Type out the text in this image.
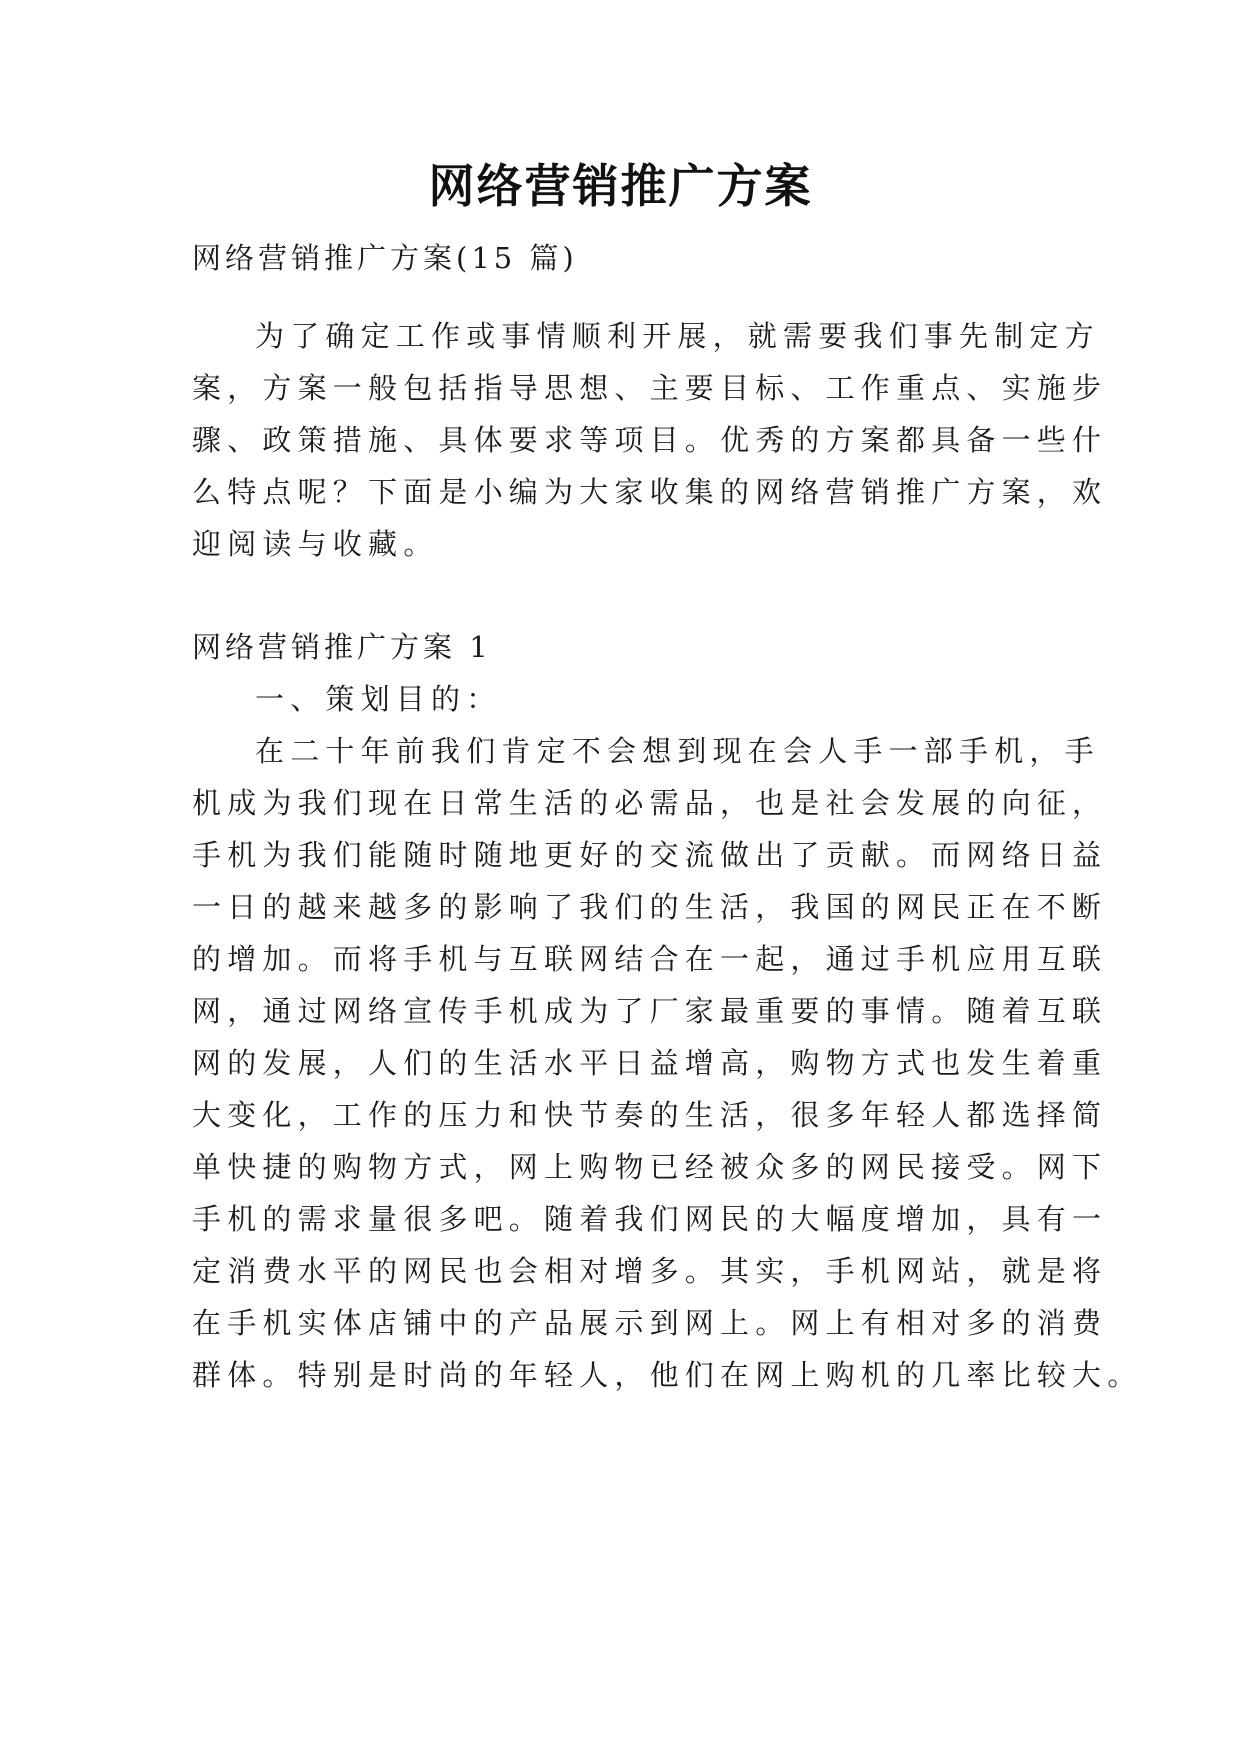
网络营销推广方案
网络营销推广方案(15 篇)
为了确定工作或事情顺利开展，就需要我们事先制定方
案，方案一般包括指导思想、主要目标、工作重点、实施步
骤、政策措施、具体要求等项目。优秀的方案都具备一些什
么特点呢？下面是小编为大家收集的网络营销推广方案，欢
迎阅读与收藏。
网络营销推广方案 1
一、策划目的：
在二十年前我们肯定不会想到现在会人手一部手机，手
机成为我们现在日常生活的必需品，也是社会发展的向征，
手机为我们能随时随地更好的交流做出了贡献。而网络日益
一日的越来越多的影响了我们的生活，我国的网民正在不断
的增加。而将手机与互联网结合在一起，通过手机应用互联
网，通过网络宣传手机成为了厂家最重要的事情。随着互联
网的发展，人们的生活水平日益增高，购物方式也发生着重
大变化，工作的压力和快节奏的生活，很多年轻人都选择简
单快捷的购物方式，网上购物已经被众多的网民接受。网下
手机的需求量很多吧。随着我们网民的大幅度增加，具有一
定消费水平的网民也会相对增多。其实，手机网站，就是将
在手机实体店铺中的产品展示到网上。网上有相对多的消费
群体。特别是时尚的年轻人，他们在网上购机的几率比较大。
